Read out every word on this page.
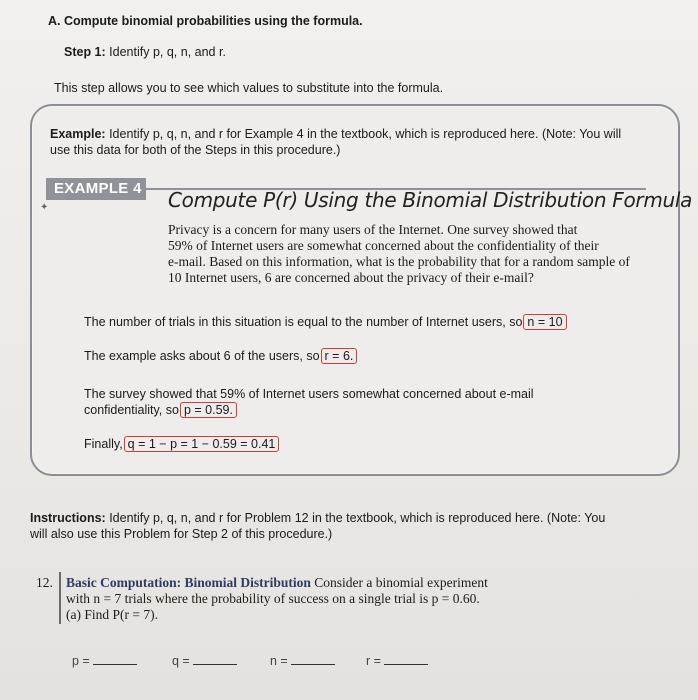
A. Compute binomial probabilities using the formula.
Step 1: Identify p, q, n, and r.
This step allows you to see which values to substitute into the formula.
Example: Identify p, q, n, and r for Example 4 in the textbook, which is reproduced here. (Note: You will
use this data for both of the Steps in this procedure.)
EXAMPLE 4 Compute P(r) Using the Binomial Distribution Formula
✦
Privacy is a concern for many users of the Internet. One survey showed that
59% of Internet users are somewhat concerned about the confidentiality of their
e-mail. Based on this information, what is the probability that for a random sample of
10 Internet users, 6 are concerned about the privacy of their e-mail?
The number of trials in this situation is equal to the number of Internet users, so n = 10
The example asks about 6 of the users, so r = 6.
The survey showed that 59% of Internet users somewhat concerned about e-mail
confidentiality, so p = 0.59.
Finally, q = 1 − p = 1 − 0.59 = 0.41
Instructions: Identify p, q, n, and r for Problem 12 in the textbook, which is reproduced here. (Note: You
will also use this Problem for Step 2 of this procedure.)
12. Basic Computation: Binomial Distribution Consider a binomial experiment
with n = 7 trials where the probability of success on a single trial is p = 0.60.
(a) Find P(r = 7).
p =	q =	n =	r =
